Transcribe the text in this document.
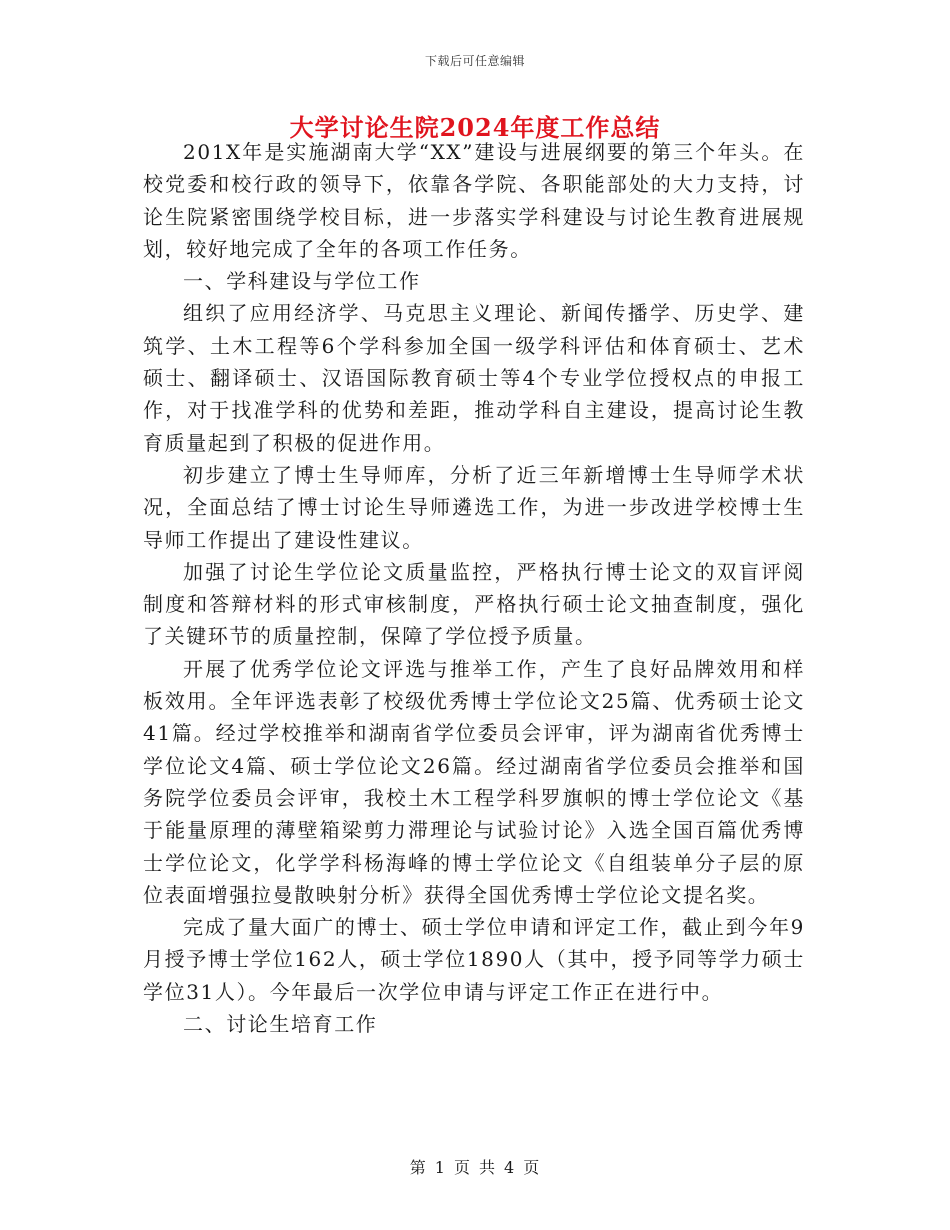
下载后可任意编辑
大学讨论生院2024年度工作总结

201X年是实施湖南大学“XX”建设与进展纲要的第三个年头。在校党委和校行政的领导下，依靠各学院、各职能部处的大力支持，讨论生院紧密围绕学校目标，进一步落实学科建设与讨论生教育进展规划，较好地完成了全年的各项工作任务。

一、学科建设与学位工作

组织了应用经济学、马克思主义理论、新闻传播学、历史学、建筑学、土木工程等6个学科参加全国一级学科评估和体育硕士、艺术硕士、翻译硕士、汉语国际教育硕士等4个专业学位授权点的申报工作，对于找准学科的优势和差距，推动学科自主建设，提高讨论生教育质量起到了积极的促进作用。

初步建立了博士生导师库，分析了近三年新增博士生导师学术状况，全面总结了博士讨论生导师遴选工作，为进一步改进学校博士生导师工作提出了建设性建议。

加强了讨论生学位论文质量监控，严格执行博士论文的双盲评阅制度和答辩材料的形式审核制度，严格执行硕士论文抽查制度，强化了关键环节的质量控制，保障了学位授予质量。

开展了优秀学位论文评选与推举工作，产生了良好品牌效用和样板效用。全年评选表彰了校级优秀博士学位论文25篇、优秀硕士论文41篇。经过学校推举和湖南省学位委员会评审，评为湖南省优秀博士学位论文4篇、硕士学位论文26篇。经过湖南省学位委员会推举和国务院学位委员会评审，我校土木工程学科罗旗帜的博士学位论文《基于能量原理的薄壁箱梁剪力滞理论与试验讨论》入选全国百篇优秀博士学位论文，化学学科杨海峰的博士学位论文《自组装单分子层的原位表面增强拉曼散映射分析》获得全国优秀博士学位论文提名奖。

完成了量大面广的博士、硕士学位申请和评定工作，截止到今年9月授予博士学位162人，硕士学位1890人（其中，授予同等学力硕士学位31人）。今年最后一次学位申请与评定工作正在进行中。

二、讨论生培育工作

第 1 页 共 4 页
